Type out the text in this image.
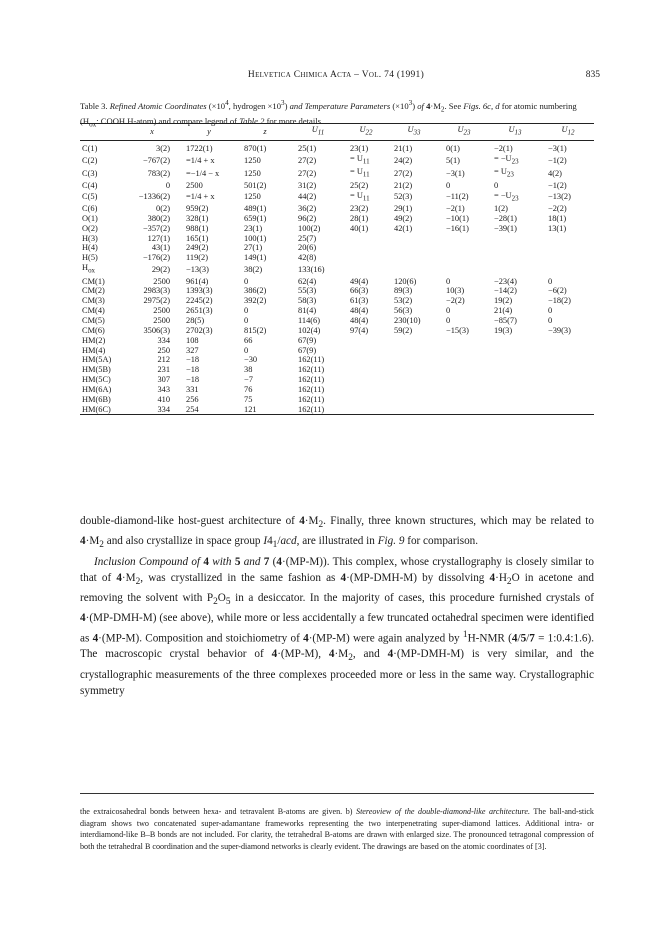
Helvetica Chimica Acta – Vol. 74 (1991)	835
Table 3. Refined Atomic Coordinates ($\times 10^4$, hydrogen $\times 10^3$) and Temperature Parameters $(\times 10^3)$ of $4\cdot M_2$. See Figs. 6c, d for atomic numbering ($H_{ox}$: COOH H-atom) and compare legend of Table 2 for more details.
	x	y	z	$U_{11}$	$U_{22}$	$U_{33}$	$U_{23}$	$U_{13}$	$U_{12}$
C(1)	3(2)	1722(1)	870(1)	25(1)	23(1)	21(1)	0(1)	−2(1)	−3(1)
C(2)	−767(2)	=1/4 + x	1250	27(2)	= $U_{11}$	24(2)	5(1)	= $-U_{23}$	−1(2)
C(3)	783(2)	=−1/4 − x	1250	27(2)	= $U_{11}$	27(2)	−3(1)	= $U_{23}$	4(2)
C(4)	0	2500	501(2)	31(2)	25(2)	21(2)	0	0	−1(2)
C(5)	−1336(2)	=1/4 + x	1250	44(2)	= $U_{11}$	52(3)	−11(2)	= $-U_{23}$	−13(2)
C(6)	0(2)	959(2)	489(1)	36(2)	23(2)	29(1)	−2(1)	1(2)	−2(2)
O(1)	380(2)	328(1)	659(1)	96(2)	28(1)	49(2)	−10(1)	−28(1)	18(1)
O(2)	−357(2)	988(1)	23(1)	100(2)	40(1)	42(1)	−16(1)	−39(1)	13(1)
H(3)	127(1)	165(1)	100(1)	25(7)					
H(4)	43(1)	249(2)	27(1)	20(6)					
H(5)	−176(2)	119(2)	149(1)	42(8)					
$H_{ox}$	29(2)	−13(3)	38(2)	133(16)					
CM(1)	2500	961(4)	0	62(4)	49(4)	120(6)	0	−23(4)	0
CM(2)	2983(3)	1393(3)	386(2)	55(3)	66(3)	89(3)	10(3)	−14(2)	−6(2)
CM(3)	2975(2)	2245(2)	392(2)	58(3)	61(3)	53(2)	−2(2)	19(2)	−18(2)
CM(4)	2500	2651(3)	0	81(4)	48(4)	56(3)	0	21(4)	0
CM(5)	2500	28(5)	0	114(6)	48(4)	230(10)	0	−85(7)	0
CM(6)	3506(3)	2702(3)	815(2)	102(4)	97(4)	59(2)	−15(3)	19(3)	−39(3)
HM(2)	334	108	66	67(9)					
HM(4)	250	327	0	67(9)					
HM(5A)	212	−18	−30	162(11)					
HM(5B)	231	−18	38	162(11)					
HM(5C)	307	−18	−7	162(11)					
HM(6A)	343	331	76	162(11)					
HM(6B)	410	256	75	162(11)					
HM(6C)	334	254	121	162(11)					

double-diamond-like host-guest architecture of $4\cdot M_2$. Finally, three known structures, which may be related to $4\cdot M_2$ and also crystallize in space group $I4_1$/acd, are illustrated in Fig. 9 for comparison.

Inclusion Compound of 4 with 5 and 7 (4·(MP-M)). This complex, whose crystallography is closely similar to that of $4\cdot M_2$, was crystallized in the same fashion as 4·(MP-DMH-M) by dissolving $4\cdot H_2O$ in acetone and removing the solvent with $P_2O_5$ in a desiccator. In the majority of cases, this procedure furnished crystals of 4·(MP-DMH-M) (see above), while more or less accidentally a few truncated octahedral specimen were identified as 4·(MP-M). Composition and stoichiometry of 4·(MP-M) were again analyzed by $^1$H-NMR (4/5/7 = 1:0.4:1.6). The macroscopic crystal behavior of 4·(MP-M), $4\cdot M_2$, and 4·(MP-DMH-M) is very similar, and the crystallographic measurements of the three complexes proceeded more or less in the same way. Crystallographic symmetry

the extraicosahedral bonds between hexa- and tetravalent B-atoms are given. b) Stereoview of the double-diamond-like architecture. The ball-and-stick diagram shows two concatenated super-adamantane frameworks representing the two interpenetrating super-diamond lattices. Additional intra- or interdiamond-like B–B bonds are not included. For clarity, the tetrahedral B-atoms are drawn with enlarged size. The pronounced tetragonal compression of both the tetrahedral B coordination and the super-diamond networks is clearly evident. The drawings are based on the atomic coordinates of [3].
